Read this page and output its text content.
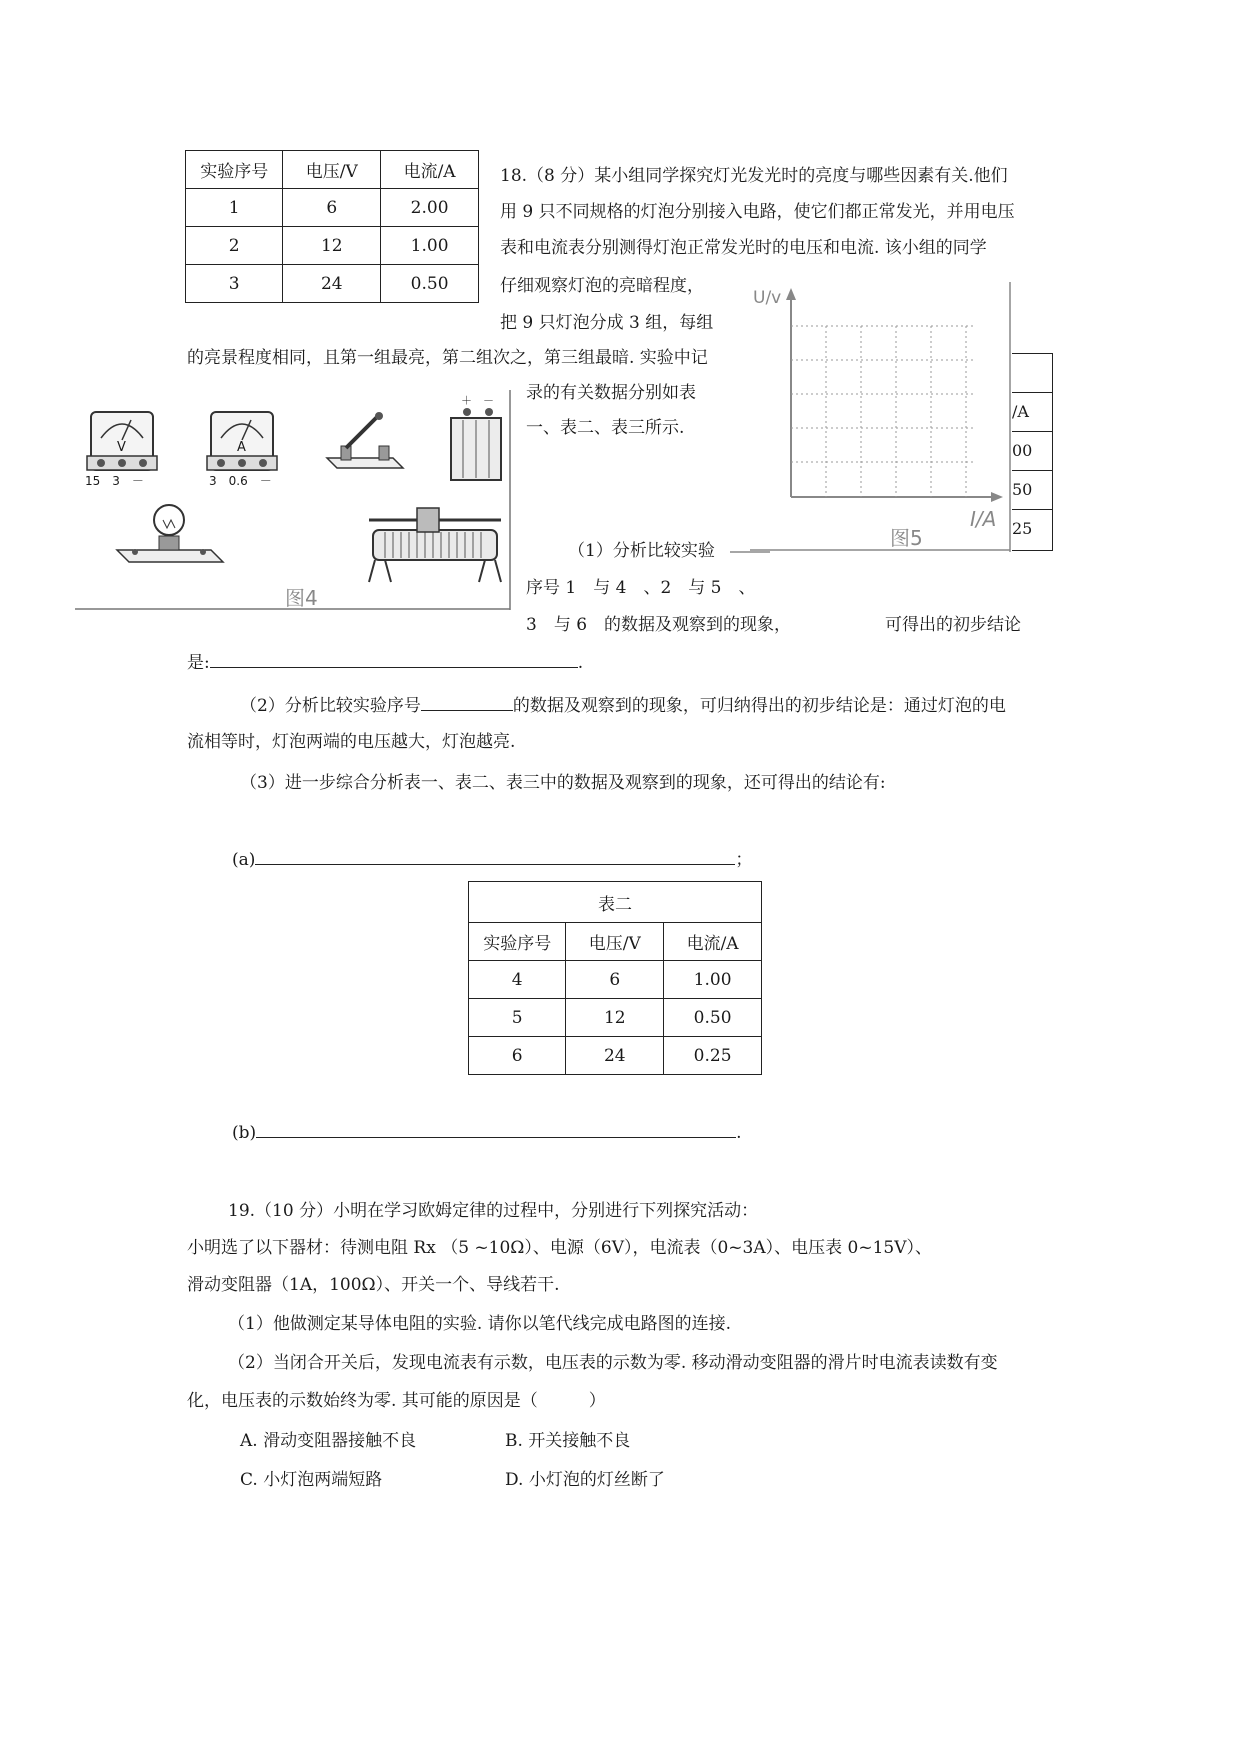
实验序号	电压/V	电流/A
1	6	2.00
2	12	1.00
3	24	0.50
18.（8 分）某小组同学探究灯光发光时的亮度与哪些因素有关.他们
用 9 只不同规格的灯泡分别接入电路，使它们都正常发光，并用电压
表和电流表分别测得灯泡正常发光时的电压和电流. 该小组的同学
仔细观察灯泡的亮暗程度，
把 9 只灯泡分成 3 组，每组
的亮景程度相同，且第一组最亮，第二组次之，第三组最暗. 实验中记
录的有关数据分别如表
一、表二、表三所示.
U/v
I/A
图5
/A
00
50
25
V
15　3　－
A
3　0.6　－
＋　－
图4
（1）分析比较实验
序号 1　与 4　、2　与 5　、
3　与 6　的数据及观察到的现象，	可得出的初步结论
是:	.
（2）分析比较实验序号	的数据及观察到的现象，可归纳得出的初步结论是：通过灯泡的电
流相等时，灯泡两端的电压越大，灯泡越亮.
（3）进一步综合分析表一、表二、表三中的数据及观察到的现象，还可得出的结论有:
(a)	；
表二		
实验序号	电压/V	电流/A
4	6	1.00
5	12	0.50
6	24	0.25
(b)	.
19.（10 分）小明在学习欧姆定律的过程中，分别进行下列探究活动：
小明选了以下器材：待测电阻 Rx （5 ~10Ω）、电源（6V），电流表（0~3A）、电压表 0~15V）、
滑动变阻器（1A，100Ω）、开关一个、导线若干.
（1）他做测定某导体电阻的实验. 请你以笔代线完成电路图的连接.
（2）当闭合开关后，发现电流表有示数，电压表的示数为零. 移动滑动变阻器的滑片时电流表读数有变
化，电压表的示数始终为零. 其可能的原因是（　　　）
A. 滑动变阻器接触不良	B. 开关接触不良
C. 小灯泡两端短路	D. 小灯泡的灯丝断了
